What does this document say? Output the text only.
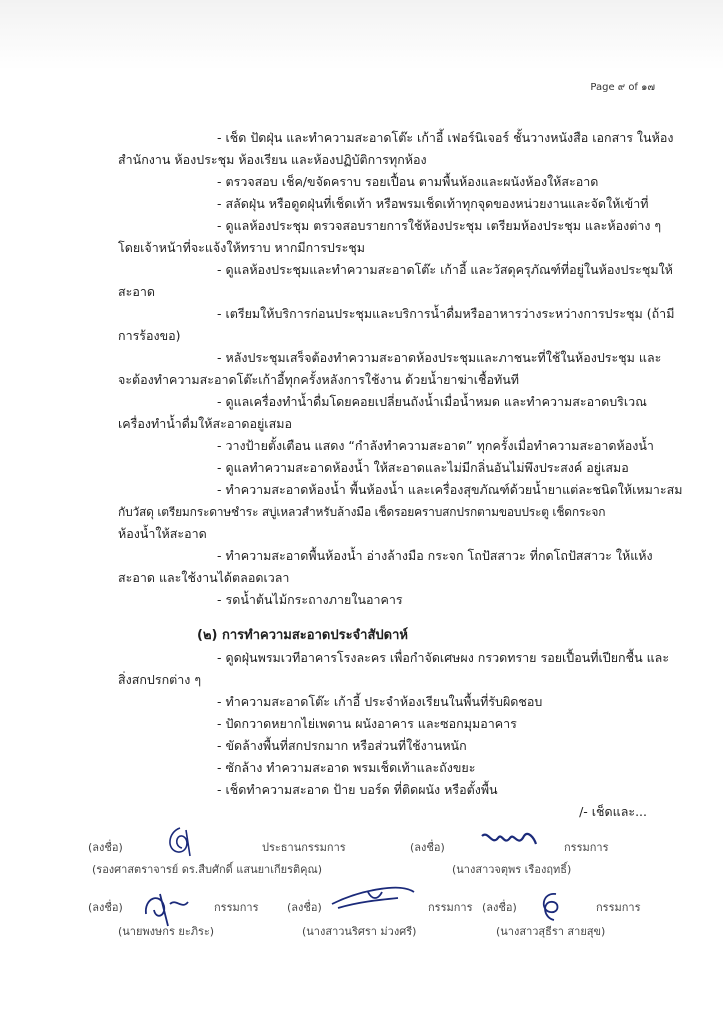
Page ๙ of ๑๗
- เช็ด ปัดฝุ่น และทำความสะอาดโต๊ะ เก้าอี้ เฟอร์นิเจอร์ ชั้นวางหนังสือ เอกสาร ในห้อง
สำนักงาน ห้องประชุม ห้องเรียน และห้องปฏิบัติการทุกห้อง
- ตรวจสอบ เช็ค/ขจัดคราบ รอยเปื้อน ตามพื้นห้องและผนังห้องให้สะอาด
- สลัดฝุ่น หรือดูดฝุ่นที่เช็ดเท้า หรือพรมเช็ดเท้าทุกจุดของหน่วยงานและจัดให้เข้าที่
- ดูแลห้องประชุม ตรวจสอบรายการใช้ห้องประชุม เตรียมห้องประชุม และห้องต่าง ๆ
โดยเจ้าหน้าที่จะแจ้งให้ทราบ หากมีการประชุม
- ดูแลห้องประชุมและทำความสะอาดโต๊ะ เก้าอี้ และวัสดุครุภัณฑ์ที่อยู่ในห้องประชุมให้
สะอาด
- เตรียมให้บริการก่อนประชุมและบริการน้ำดื่มหรืออาหารว่างระหว่างการประชุม (ถ้ามี
การร้องขอ)
- หลังประชุมเสร็จต้องทำความสะอาดห้องประชุมและภาชนะที่ใช้ในห้องประชุม และ
จะต้องทำความสะอาดโต๊ะเก้าอี้ทุกครั้งหลังการใช้งาน ด้วยน้ำยาฆ่าเชื้อทันที
- ดูแลเครื่องทำน้ำดื่มโดยคอยเปลี่ยนถังน้ำเมื่อน้ำหมด และทำความสะอาดบริเวณ
เครื่องทำน้ำดื่มให้สะอาดอยู่เสมอ
- วางป้ายตั้งเตือน แสดง “กำลังทำความสะอาด” ทุกครั้งเมื่อทำความสะอาดห้องน้ำ
- ดูแลทำความสะอาดห้องน้ำ ให้สะอาดและไม่มีกลิ่นอันไม่พึงประสงค์ อยู่เสมอ
- ทำความสะอาดห้องน้ำ พื้นห้องน้ำ และเครื่องสุขภัณฑ์ด้วยน้ำยาแต่ละชนิดให้เหมาะสม
กับวัสดุ เตรียมกระดาษชำระ สบู่เหลวสำหรับล้างมือ เช็ดรอยคราบสกปรกตามขอบประตู เช็ดกระจก
ห้องน้ำให้สะอาด
- ทำความสะอาดพื้นห้องน้ำ อ่างล้างมือ กระจก โถปัสสาวะ ที่กดโถปัสสาวะ ให้แห้ง
สะอาด และใช้งานได้ตลอดเวลา
- รดน้ำต้นไม้กระถางภายในอาคาร
(๒) การทำความสะอาดประจำสัปดาห์
- ดูดฝุ่นพรมเวทีอาคารโรงละคร เพื่อกำจัดเศษผง กรวดทราย รอยเปื้อนที่เปียกชื้น และ
สิ่งสกปรกต่าง ๆ
- ทำความสะอาดโต๊ะ เก้าอี้ ประจำห้องเรียนในพื้นที่รับผิดชอบ
- ปัดกวาดหยากไย่เพดาน ผนังอาคาร และซอกมุมอาคาร
- ขัดล้างพื้นที่สกปรกมาก หรือส่วนที่ใช้งานหนัก
- ซักล้าง ทำความสะอาด พรมเช็ดเท้าและถังขยะ
- เช็ดทำความสะอาด ป้าย บอร์ด ที่ติดผนัง หรือตั้งพื้น
/- เช็ดและ...
(ลงชื่อ)	ประธานกรรมการ	(ลงชื่อ)	กรรมการ
(รองศาสตราจารย์ ดร.สืบศักดิ์ แสนยาเกียรติคุณ)	(นางสาวจตุพร เรืองฤทธิ์)
(ลงชื่อ)	กรรมการ	(ลงชื่อ)	กรรมการ (ลงชื่อ)	กรรมการ
(นายพงษกร ยะภิระ)	(นางสาวนริศรา ม่วงศรี)	(นางสาวสุธีรา สายสุข)
